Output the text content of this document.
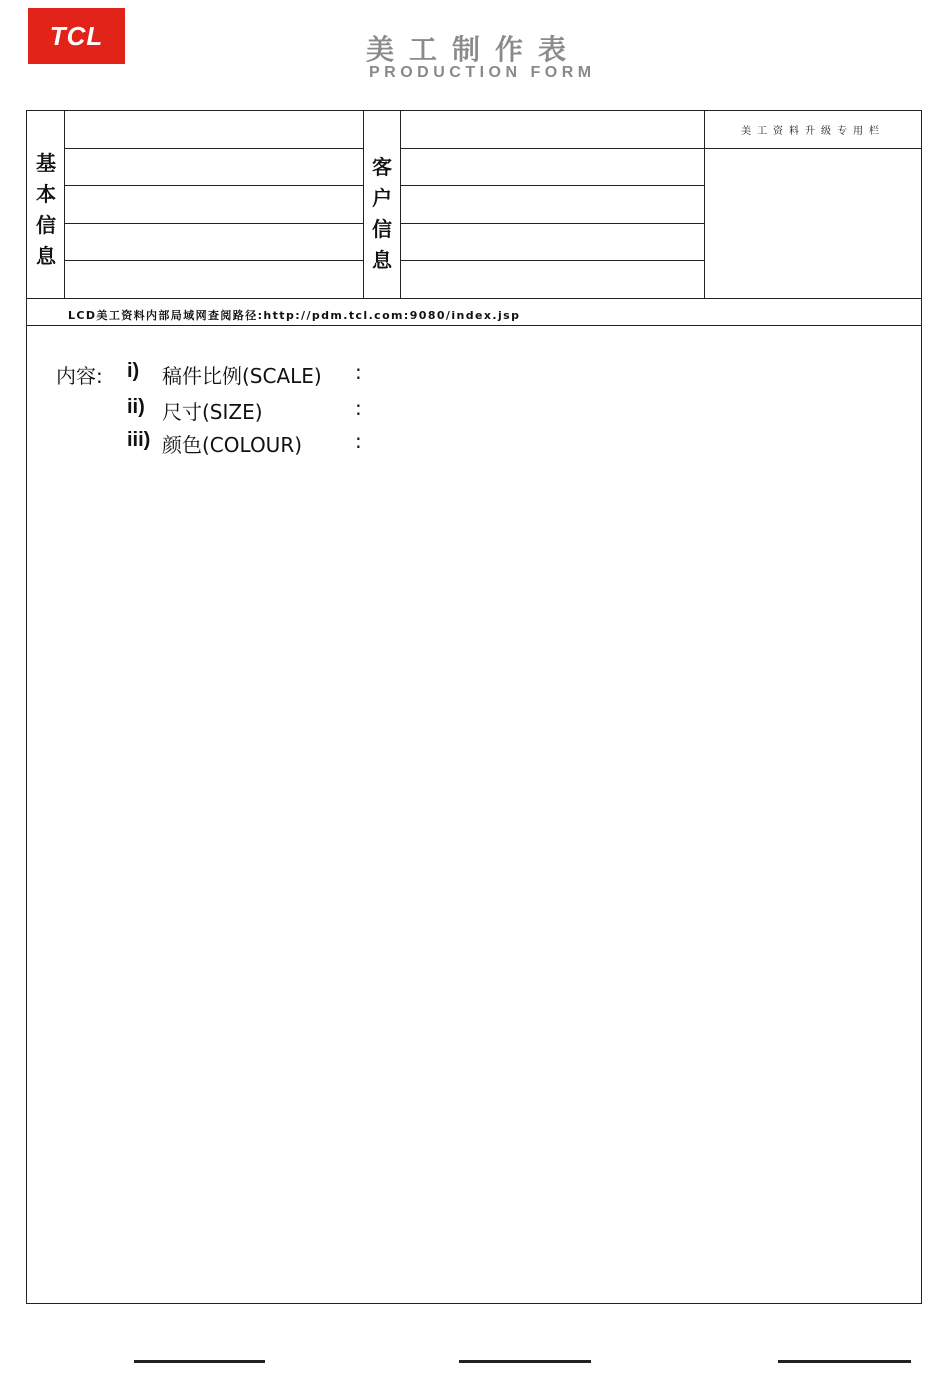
TCL	美工制作表
PRODUCTION FORM
基
本
信
息
客
户
信
息
美工资料升级专用栏
LCD美工资料内部局域网查阅路径:http://pdm.tcl.com:9080/index.jsp
内容: i) 稿件比例(SCALE) :
ii) 尺寸(SIZE)	:
iii) 颜色(COLOUR)	:
